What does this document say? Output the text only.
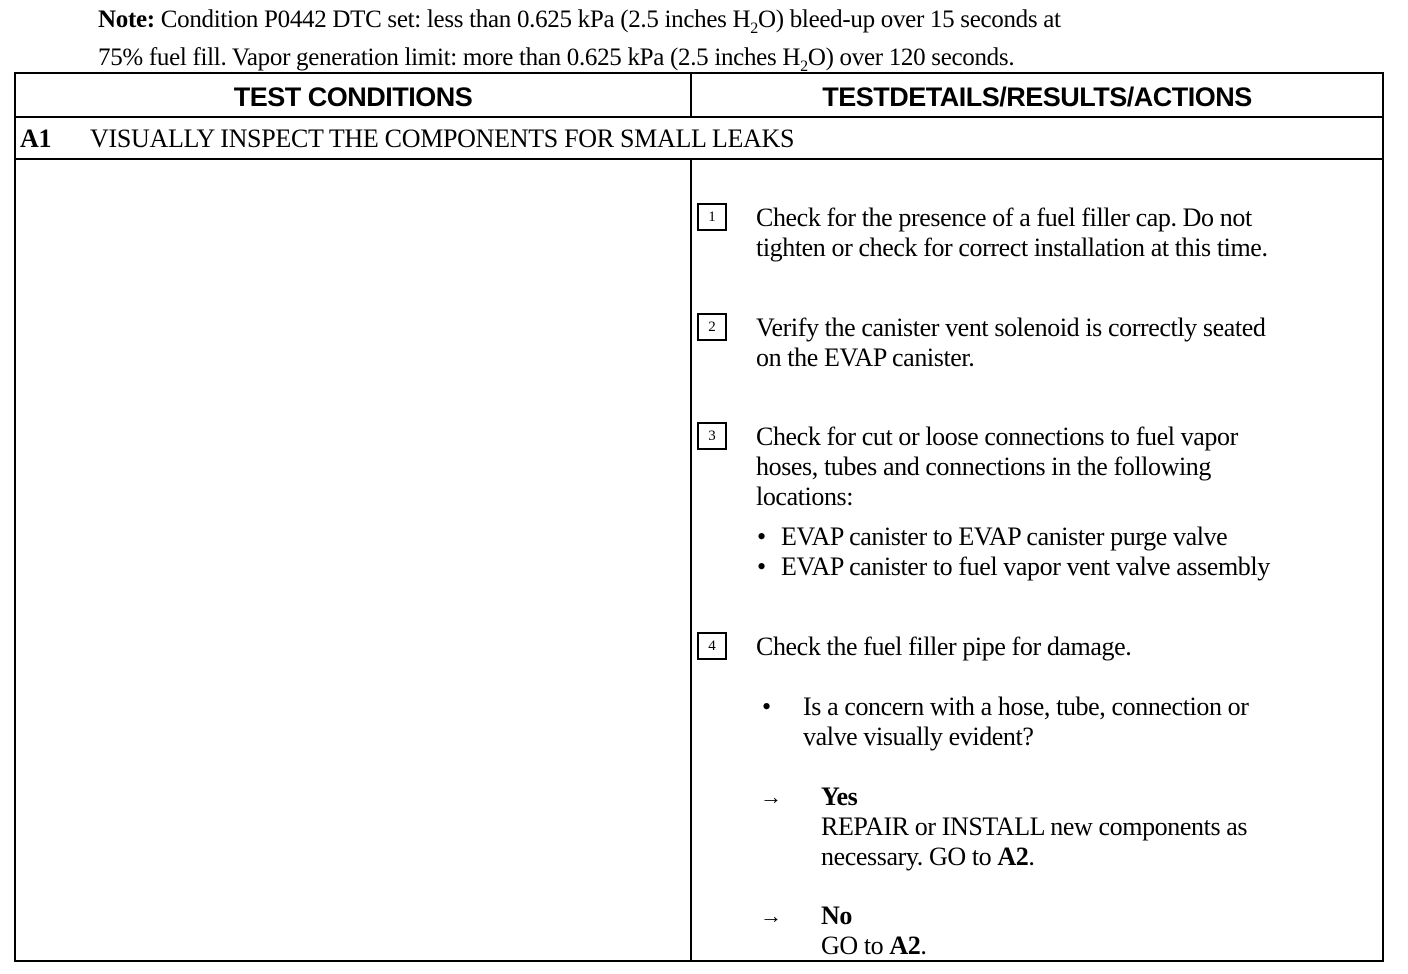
Note: Condition P0442 DTC set: less than 0.625 kPa (2.5 inches $H_2O$) bleed-up over 15 seconds at
75% fuel fill. Vapor generation limit: more than 0.625 kPa (2.5 inches $H_2O$) over 120 seconds.
TEST CONDITIONS	TESTDETAILS/RESULTS/ACTIONS
A1 VISUALLY INSPECT THE COMPONENTS FOR SMALL LEAKS
1	Check for the presence of a fuel filler cap. Do not
tighten or check for correct installation at this time.
2	Verify the canister vent solenoid is correctly seated
on the EVAP canister.
3	Check for cut or loose connections to fuel vapor
hoses, tubes and connections in the following
locations:
• EVAP canister to EVAP canister purge valve
• EVAP canister to fuel vapor vent valve assembly
4	Check the fuel filler pipe for damage.
• Is a concern with a hose, tube, connection or
valve visually evident?
→ Yes
REPAIR or INSTALL new components as
necessary. GO to A2.
→ No
GO to A2.
